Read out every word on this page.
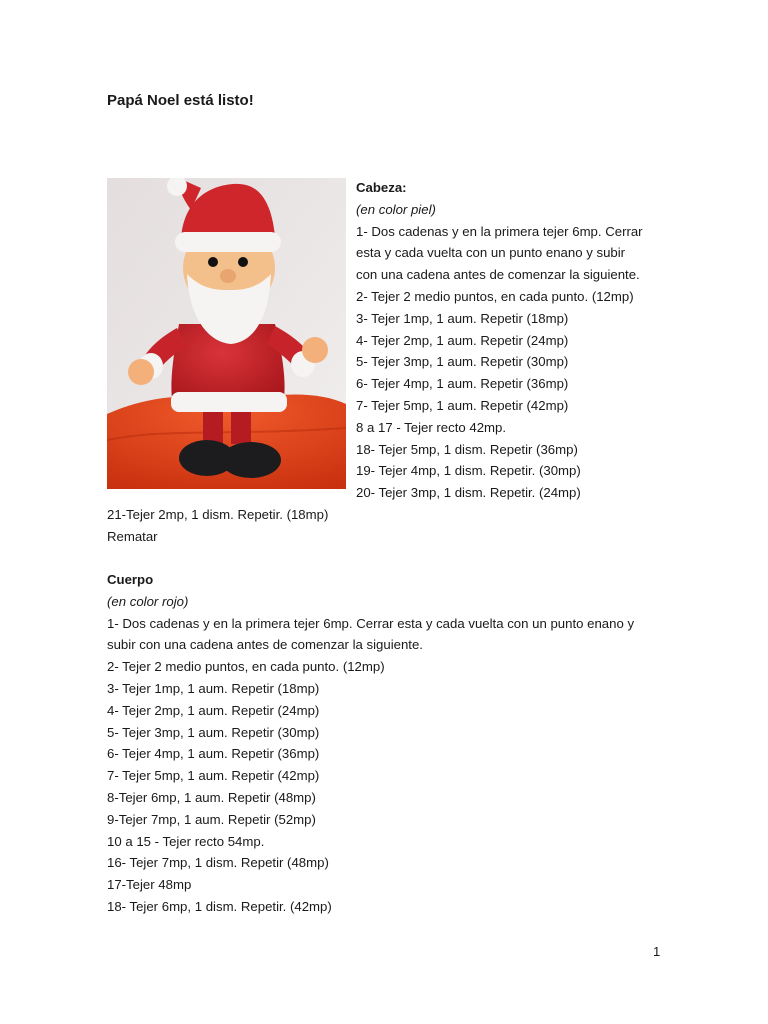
Papá Noel está listo!

Cabeza:

(en color piel)

1- Dos cadenas y en la primera tejer 6mp. Cerrar

esta y cada vuelta con un punto enano y subir

con una cadena antes de comenzar la siguiente.

2- Tejer 2 medio puntos, en cada punto. (12mp)

3- Tejer 1mp, 1 aum. Repetir (18mp)

4- Tejer 2mp, 1 aum. Repetir (24mp)

5- Tejer 3mp, 1 aum. Repetir (30mp)

6- Tejer 4mp, 1 aum. Repetir (36mp)

7- Tejer 5mp, 1 aum. Repetir (42mp)

8 a 17 - Tejer recto 42mp.

18- Tejer 5mp, 1 dism. Repetir (36mp)

19- Tejer 4mp, 1 dism. Repetir. (30mp)

20- Tejer 3mp, 1 dism. Repetir. (24mp)

21-Tejer 2mp, 1 dism. Repetir. (18mp)

Rematar

Cuerpo

(en color rojo)

1- Dos cadenas y en la primera tejer 6mp. Cerrar esta y cada vuelta con un punto enano y

subir con una cadena antes de comenzar la siguiente.

2- Tejer 2 medio puntos, en cada punto. (12mp)

3- Tejer 1mp, 1 aum. Repetir (18mp)

4- Tejer 2mp, 1 aum. Repetir (24mp)

5- Tejer 3mp, 1 aum. Repetir (30mp)

6- Tejer 4mp, 1 aum. Repetir (36mp)

7- Tejer 5mp, 1 aum. Repetir (42mp)

8-Tejer 6mp, 1 aum. Repetir (48mp)

9-Tejer 7mp, 1 aum. Repetir (52mp)

10 a 15 - Tejer recto 54mp.

16- Tejer 7mp, 1 dism. Repetir (48mp)

17-Tejer 48mp

18- Tejer 6mp, 1 dism. Repetir. (42mp)

1
